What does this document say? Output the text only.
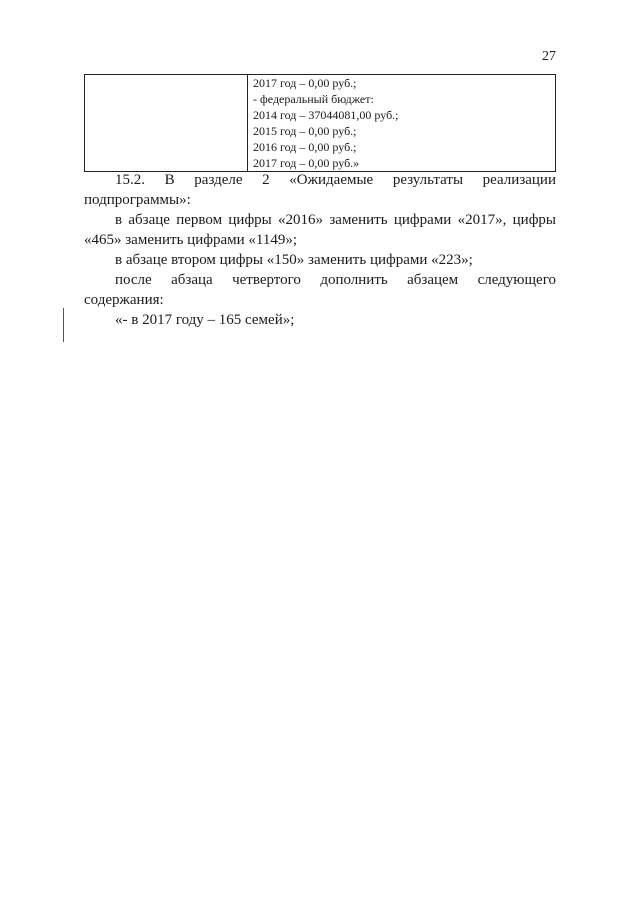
27

2017 год – 0,00 руб.;
- федеральный бюджет:
2014 год – 37044081,00 руб.;
2015 год – 0,00 руб.;
2016 год – 0,00 руб.;
2017 год – 0,00 руб.»
15.2. В разделе 2 «Ожидаемые результаты реализации
подпрограммы»:
в абзаце первом цифры «2016» заменить цифрами «2017», цифры
«465» заменить цифрами «1149»;
в абзаце втором цифры «150» заменить цифрами «223»;
после абзаца четвертого дополнить абзацем следующего
содержания:
«- в 2017 году – 165 семей»;
